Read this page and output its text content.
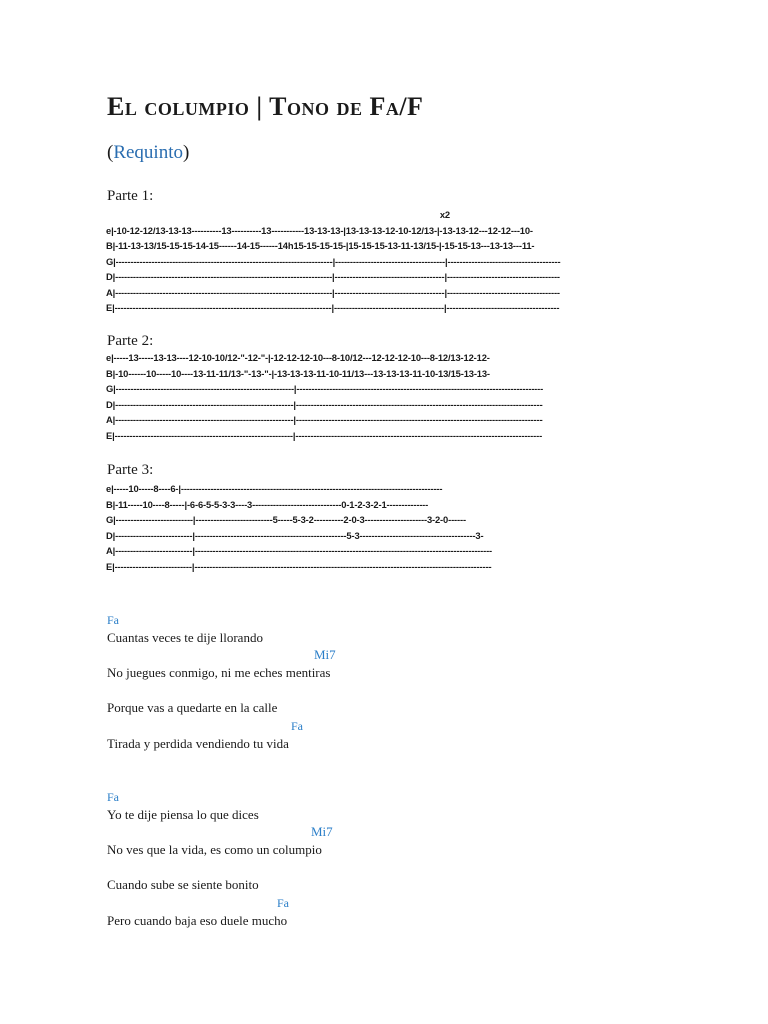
El columpio | Tono de Fa/F

(Requinto)

Parte 1:
x2
e|-10-12-12/13-13-13----------13----------13-----------13-13-13-|13-13-13-12-10-12/13-|-13-13-12---12-12---10-
B|-11-13-13/15-15-15-14-15------14-15------14h15-15-15-15-|15-15-15-13-11-13/15-|-15-15-13---13-13---11-
G|-------------------------------------------------------------------------|-------------------------------------|--------------------------------------
D|-------------------------------------------------------------------------|-------------------------------------|--------------------------------------
A|-------------------------------------------------------------------------|-------------------------------------|--------------------------------------
E|-------------------------------------------------------------------------|-------------------------------------|--------------------------------------
Parte 2:
e|-----13-----13-13----12-10-10/12-"-12-"-|-12-12-12-10---8-10/12---12-12-12-10---8-12/13-12-12-
B|-10------10-----10----13-11-11/13-"-13-"-|-13-13-13-11-10-11/13---13-13-13-11-10-13/15-13-13-
G|------------------------------------------------------------|-----------------------------------------------------------------------------------
D|------------------------------------------------------------|-----------------------------------------------------------------------------------
A|------------------------------------------------------------|-----------------------------------------------------------------------------------
E|------------------------------------------------------------|-----------------------------------------------------------------------------------
Parte 3:
e|-----10-----8----6-|----------------------------------------------------------------------------------------
B|-11-----10----8-----|-6-6-5-5-3-3----3------------------------------0-1-2-3-2-1--------------
G|--------------------------|--------------------------5-----5-3-2----------2-0-3---------------------3-2-0------
D|--------------------------|---------------------------------------------------5-3---------------------------------------3-
A|--------------------------|----------------------------------------------------------------------------------------------------
E|--------------------------|----------------------------------------------------------------------------------------------------
Fa
Cuantas veces te dije llorando
Mi7
No juegues conmigo, ni me eches mentiras
Porque vas a quedarte en la calle
Fa
Tirada y perdida vendiendo tu vida
Fa
Yo te dije piensa lo que dices
Mi7
No ves que la vida, es como un columpio
Cuando sube se siente bonito
Fa
Pero cuando baja eso duele mucho
